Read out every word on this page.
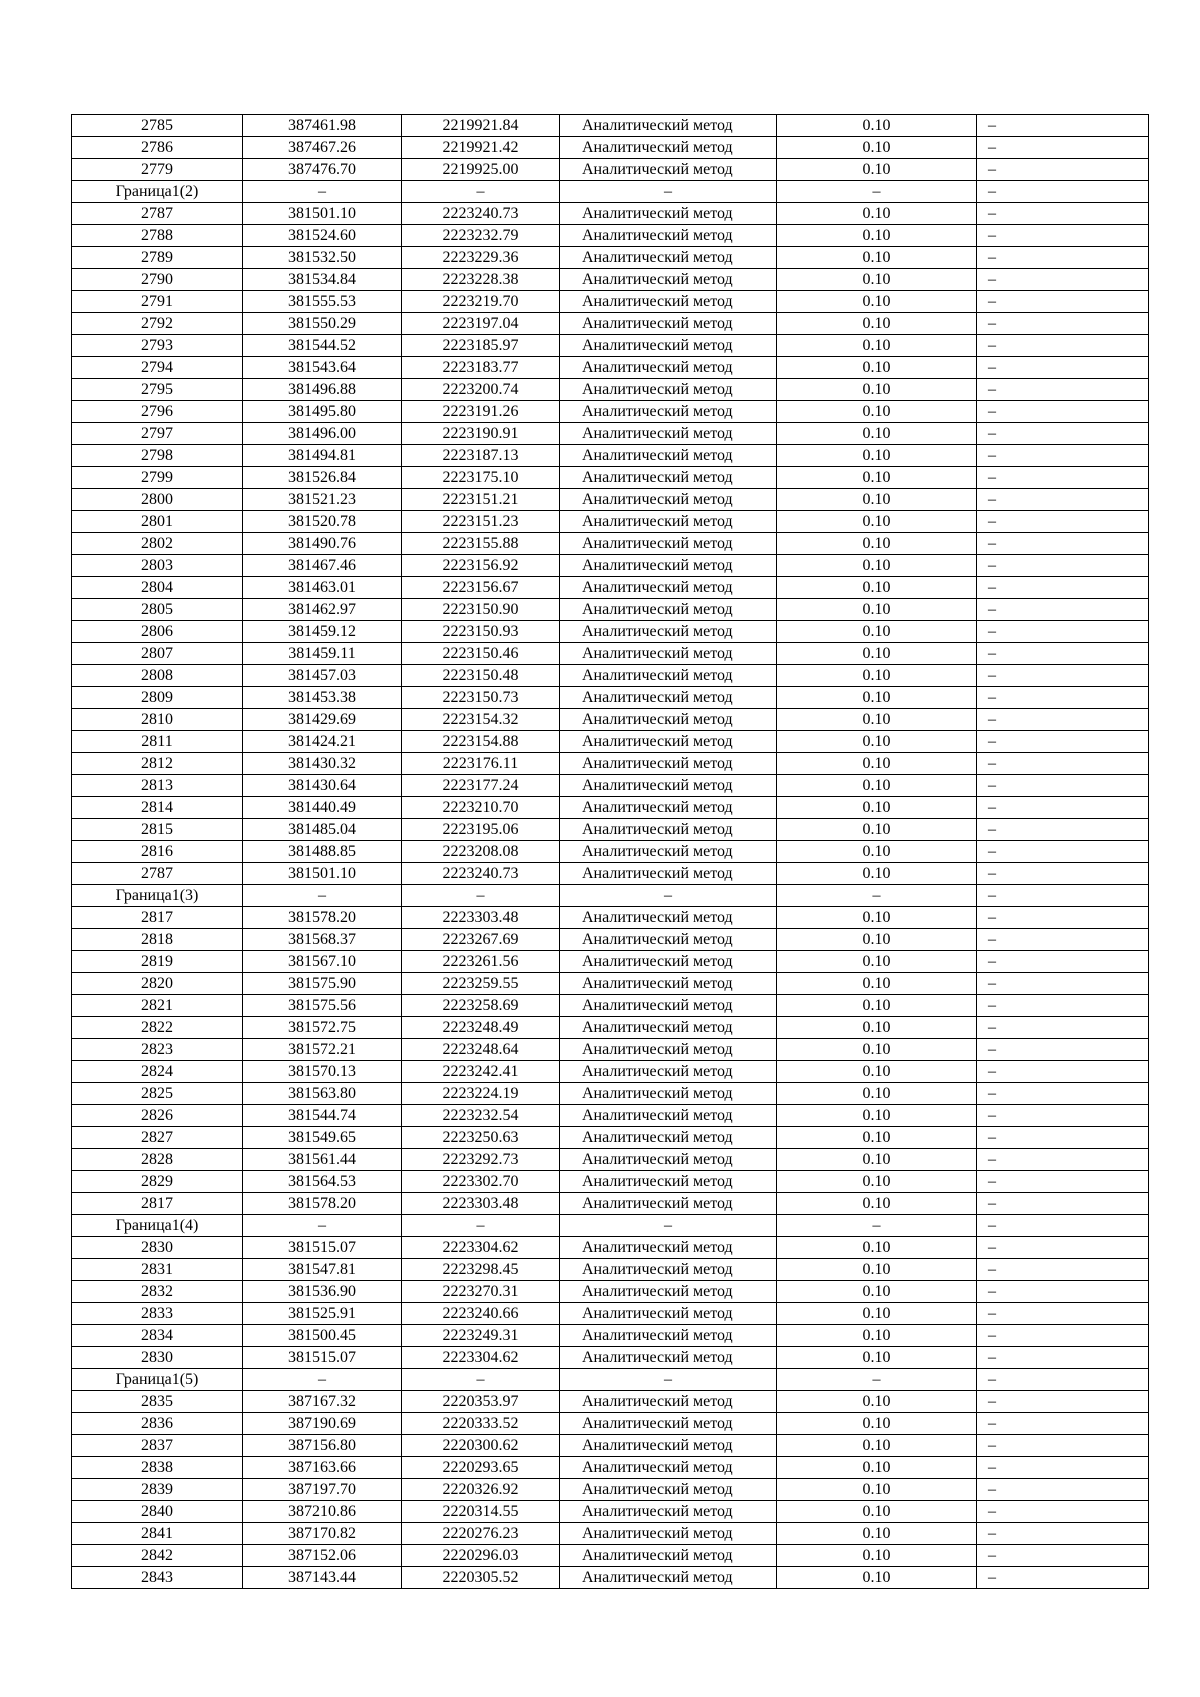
2785	387461.98	2219921.84	Аналитический метод	0.10	–
2786	387467.26	2219921.42	Аналитический метод	0.10	–
2779	387476.70	2219925.00	Аналитический метод	0.10	–
Граница1(2)	–	–	–	–	–
2787	381501.10	2223240.73	Аналитический метод	0.10	–
2788	381524.60	2223232.79	Аналитический метод	0.10	–
2789	381532.50	2223229.36	Аналитический метод	0.10	–
2790	381534.84	2223228.38	Аналитический метод	0.10	–
2791	381555.53	2223219.70	Аналитический метод	0.10	–
2792	381550.29	2223197.04	Аналитический метод	0.10	–
2793	381544.52	2223185.97	Аналитический метод	0.10	–
2794	381543.64	2223183.77	Аналитический метод	0.10	–
2795	381496.88	2223200.74	Аналитический метод	0.10	–
2796	381495.80	2223191.26	Аналитический метод	0.10	–
2797	381496.00	2223190.91	Аналитический метод	0.10	–
2798	381494.81	2223187.13	Аналитический метод	0.10	–
2799	381526.84	2223175.10	Аналитический метод	0.10	–
2800	381521.23	2223151.21	Аналитический метод	0.10	–
2801	381520.78	2223151.23	Аналитический метод	0.10	–
2802	381490.76	2223155.88	Аналитический метод	0.10	–
2803	381467.46	2223156.92	Аналитический метод	0.10	–
2804	381463.01	2223156.67	Аналитический метод	0.10	–
2805	381462.97	2223150.90	Аналитический метод	0.10	–
2806	381459.12	2223150.93	Аналитический метод	0.10	–
2807	381459.11	2223150.46	Аналитический метод	0.10	–
2808	381457.03	2223150.48	Аналитический метод	0.10	–
2809	381453.38	2223150.73	Аналитический метод	0.10	–
2810	381429.69	2223154.32	Аналитический метод	0.10	–
2811	381424.21	2223154.88	Аналитический метод	0.10	–
2812	381430.32	2223176.11	Аналитический метод	0.10	–
2813	381430.64	2223177.24	Аналитический метод	0.10	–
2814	381440.49	2223210.70	Аналитический метод	0.10	–
2815	381485.04	2223195.06	Аналитический метод	0.10	–
2816	381488.85	2223208.08	Аналитический метод	0.10	–
2787	381501.10	2223240.73	Аналитический метод	0.10	–
Граница1(3)	–	–	–	–	–
2817	381578.20	2223303.48	Аналитический метод	0.10	–
2818	381568.37	2223267.69	Аналитический метод	0.10	–
2819	381567.10	2223261.56	Аналитический метод	0.10	–
2820	381575.90	2223259.55	Аналитический метод	0.10	–
2821	381575.56	2223258.69	Аналитический метод	0.10	–
2822	381572.75	2223248.49	Аналитический метод	0.10	–
2823	381572.21	2223248.64	Аналитический метод	0.10	–
2824	381570.13	2223242.41	Аналитический метод	0.10	–
2825	381563.80	2223224.19	Аналитический метод	0.10	–
2826	381544.74	2223232.54	Аналитический метод	0.10	–
2827	381549.65	2223250.63	Аналитический метод	0.10	–
2828	381561.44	2223292.73	Аналитический метод	0.10	–
2829	381564.53	2223302.70	Аналитический метод	0.10	–
2817	381578.20	2223303.48	Аналитический метод	0.10	–
Граница1(4)	–	–	–	–	–
2830	381515.07	2223304.62	Аналитический метод	0.10	–
2831	381547.81	2223298.45	Аналитический метод	0.10	–
2832	381536.90	2223270.31	Аналитический метод	0.10	–
2833	381525.91	2223240.66	Аналитический метод	0.10	–
2834	381500.45	2223249.31	Аналитический метод	0.10	–
2830	381515.07	2223304.62	Аналитический метод	0.10	–
Граница1(5)	–	–	–	–	–
2835	387167.32	2220353.97	Аналитический метод	0.10	–
2836	387190.69	2220333.52	Аналитический метод	0.10	–
2837	387156.80	2220300.62	Аналитический метод	0.10	–
2838	387163.66	2220293.65	Аналитический метод	0.10	–
2839	387197.70	2220326.92	Аналитический метод	0.10	–
2840	387210.86	2220314.55	Аналитический метод	0.10	–
2841	387170.82	2220276.23	Аналитический метод	0.10	–
2842	387152.06	2220296.03	Аналитический метод	0.10	–
2843	387143.44	2220305.52	Аналитический метод	0.10	–
